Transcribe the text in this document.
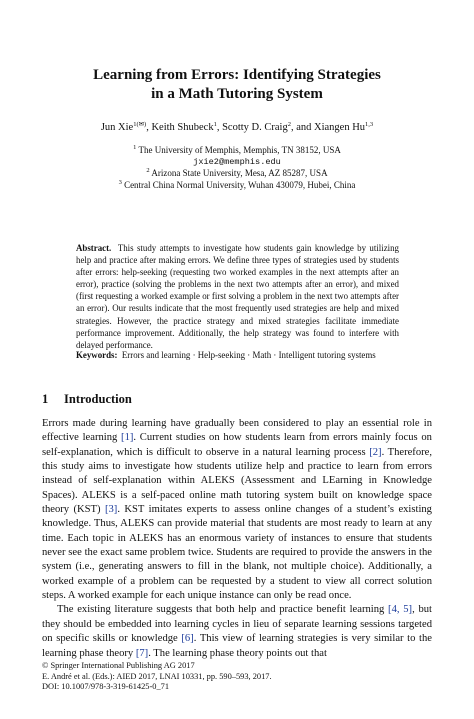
Learning from Errors: Identifying Strategies
in a Math Tutoring System
Jun Xie$^{1(✉)}$, Keith Shubeck$^1$, Scotty D. Craig$^2$, and Xiangen Hu$^{1,3}$
$^1$ The University of Memphis, Memphis, TN 38152, USA
jxie2@memphis.edu
$^2$ Arizona State University, Mesa, AZ 85287, USA
$^3$ Central China Normal University, Wuhan 430079, Hubei, China
Abstract. This study attempts to investigate how students gain knowledge by utilizing help and practice after making errors. We define three types of strategies used by students after errors: help-seeking (requesting two worked examples in the next attempts after an error), practice (solving the problems in the next two attempts after an error), and mixed (first requesting a worked example or first solving a problem in the next two attempts after an error). Our results indicate that the most frequently used strategies are help and mixed strategies. However, the practice strategy and mixed strategies facilitate immediate performance improvement. Additionally, the help strategy was found to interfere with delayed performance.
Keywords: Errors and learning · Help-seeking · Math · Intelligent tutoring systems
1 Introduction

Errors made during learning have gradually been considered to play an essential role in effective learning [1]. Current studies on how students learn from errors mainly focus on self-explanation, which is difficult to observe in a natural learning process [2]. Therefore, this study aims to investigate how students utilize help and practice to learn from errors instead of self-explanation within ALEKS (Assessment and LEarning in Knowledge Spaces). ALEKS is a self-paced online math tutoring system built on knowledge space theory (KST) [3]. KST imitates experts to assess online changes of a student’s existing knowledge. Thus, ALEKS can provide material that students are most ready to learn at any time. Each topic in ALEKS has an enormous variety of instances to ensure that students never see the exact same problem twice. Students are required to provide the answers in the system (i.e., generating answers to fill in the blank, not multiple choice). Additionally, a worked example of a problem can be requested by a student to view all correct solution steps. A worked example for each unique instance can only be read once.

The existing literature suggests that both help and practice benefit learning [4, 5], but they should be embedded into learning cycles in lieu of separate learning sessions targeted on specific skills or knowledge [6]. This view of learning strategies is very similar to the learning phase theory [7]. The learning phase theory points out that

© Springer International Publishing AG 2017
E. André et al. (Eds.): AIED 2017, LNAI 10331, pp. 590–593, 2017.
DOI: 10.1007/978-3-319-61425-0_71
